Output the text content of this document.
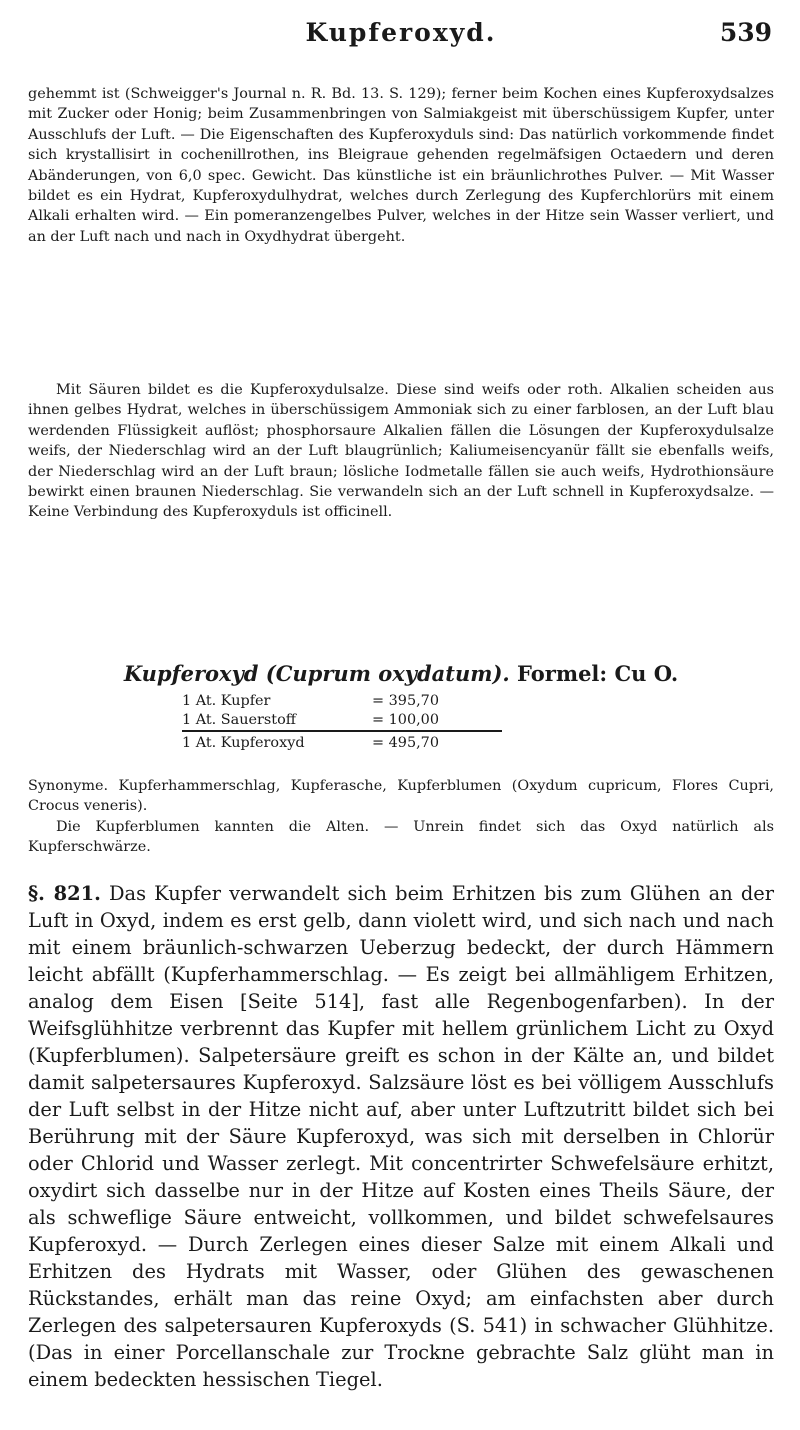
Kupferoxyd.	539

gehemmt ist (Schweigger's Journal n. R. Bd. 13. S. 129); ferner beim Kochen eines Kupferoxydsalzes mit Zucker oder Honig; beim Zusammenbringen von Salmiakgeist mit überschüssigem Kupfer, unter Ausschlufs der Luft. — Die Eigenschaften des Kupferoxyduls sind: Das natürlich vorkommende findet sich krystallisirt in cochenillrothen, ins Bleigraue gehenden regelmäfsigen Octaedern und deren Abänderungen, von 6,0 spec. Gewicht. Das künstliche ist ein bräunlichrothes Pulver. — Mit Wasser bildet es ein Hydrat, Kupferoxydulhydrat, welches durch Zerlegung des Kupferchlorürs mit einem Alkali erhalten wird. — Ein pomeranzengelbes Pulver, welches in der Hitze sein Wasser verliert, und an der Luft nach und nach in Oxydhydrat übergeht.

Mit Säuren bildet es die Kupferoxydulsalze. Diese sind weifs oder roth. Alkalien scheiden aus ihnen gelbes Hydrat, welches in überschüssigem Ammoniak sich zu einer farblosen, an der Luft blau werdenden Flüssigkeit auflöst; phosphorsaure Alkalien fällen die Lösungen der Kupferoxydulsalze weifs, der Niederschlag wird an der Luft blaugrünlich; Kaliumeisencyanür fällt sie ebenfalls weifs, der Niederschlag wird an der Luft braun; lösliche Iodmetalle fällen sie auch weifs, Hydrothionsäure bewirkt einen braunen Niederschlag. Sie verwandeln sich an der Luft schnell in Kupferoxydsalze. — Keine Verbindung des Kupferoxyduls ist officinell.

Kupferoxyd (Cuprum oxydatum). Formel: Cu O.
1 At. Kupfer	= 395,70
1 At. Sauerstoff	= 100,00
1 At. Kupferoxyd	= 495,70

Synonyme. Kupferhammerschlag, Kupferasche, Kupferblumen (Oxydum cupricum, Flores Cupri, Crocus veneris).

Die Kupferblumen kannten die Alten. — Unrein findet sich das Oxyd natürlich als Kupferschwärze.

§. 821. Das Kupfer verwandelt sich beim Erhitzen bis zum Glühen an der Luft in Oxyd, indem es erst gelb, dann violett wird, und sich nach und nach mit einem bräunlich-schwarzen Ueberzug bedeckt, der durch Hämmern leicht abfällt (Kupferhammerschlag. — Es zeigt bei allmähligem Erhitzen, analog dem Eisen [Seite 514], fast alle Regenbogenfarben). In der Weifsglühhitze verbrennt das Kupfer mit hellem grünlichem Licht zu Oxyd (Kupferblumen). Salpetersäure greift es schon in der Kälte an, und bildet damit salpetersaures Kupferoxyd. Salzsäure löst es bei völligem Ausschlufs der Luft selbst in der Hitze nicht auf, aber unter Luftzutritt bildet sich bei Berührung mit der Säure Kupferoxyd, was sich mit derselben in Chlorür oder Chlorid und Wasser zerlegt. Mit concentrirter Schwefelsäure erhitzt, oxydirt sich dasselbe nur in der Hitze auf Kosten eines Theils Säure, der als schweflige Säure entweicht, vollkommen, und bildet schwefelsaures Kupferoxyd. — Durch Zerlegen eines dieser Salze mit einem Alkali und Erhitzen des Hydrats mit Wasser, oder Glühen des gewaschenen Rückstandes, erhält man das reine Oxyd; am einfachsten aber durch Zerlegen des salpetersauren Kupferoxyds (S. 541) in schwacher Glühhitze. (Das in einer Porcellanschale zur Trockne gebrachte Salz glüht man in einem bedeckten hessischen Tiegel.
